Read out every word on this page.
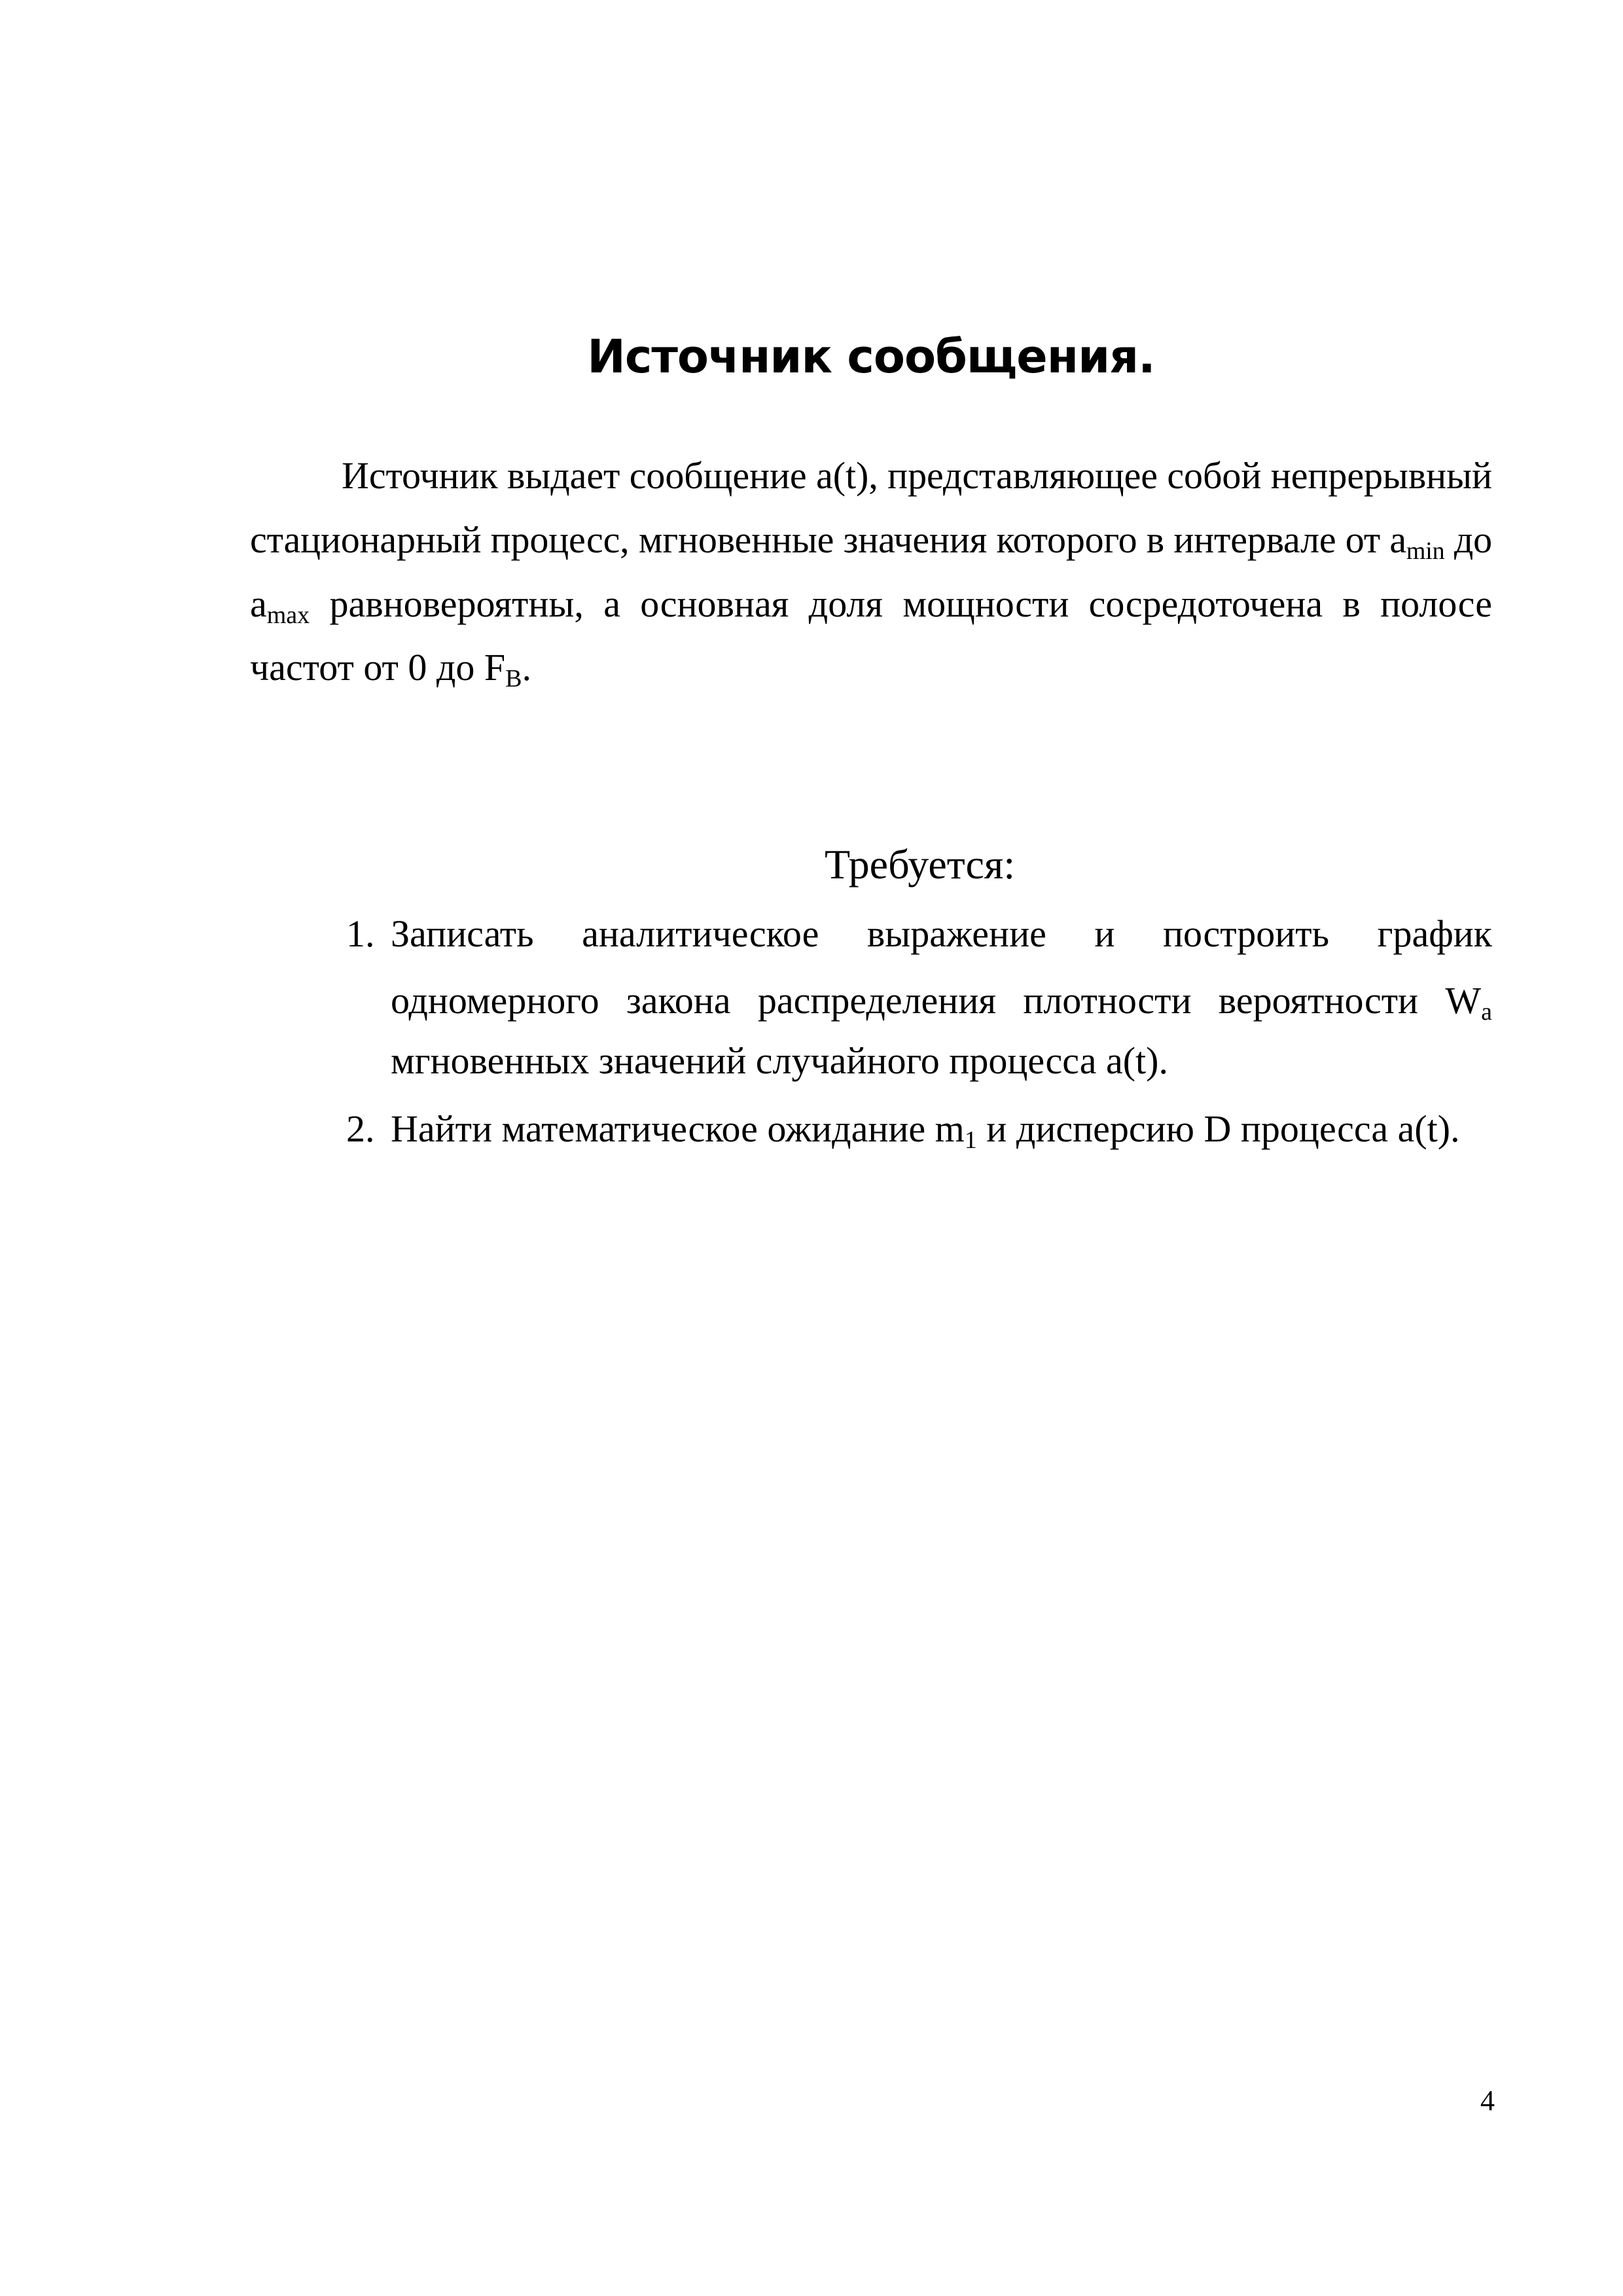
Источник сообщения.
Источник выдает сообщение a(t), представляющее собой непрерывный
стационарный процесс, мгновенные значения которого в интервале от $a_{min}$ до
$a_{max}$ равновероятны, а основная доля мощности сосредоточена в полосе
частот от 0 до $F_В$.
Требуется:
1. Записать аналитическое выражение и построить график
одномерного закона распределения плотности вероятности $W_a$
мгновенных значений случайного процесса a(t).
2. Найти математическое ожидание $m_1$ и дисперсию D процесса a(t).
4
